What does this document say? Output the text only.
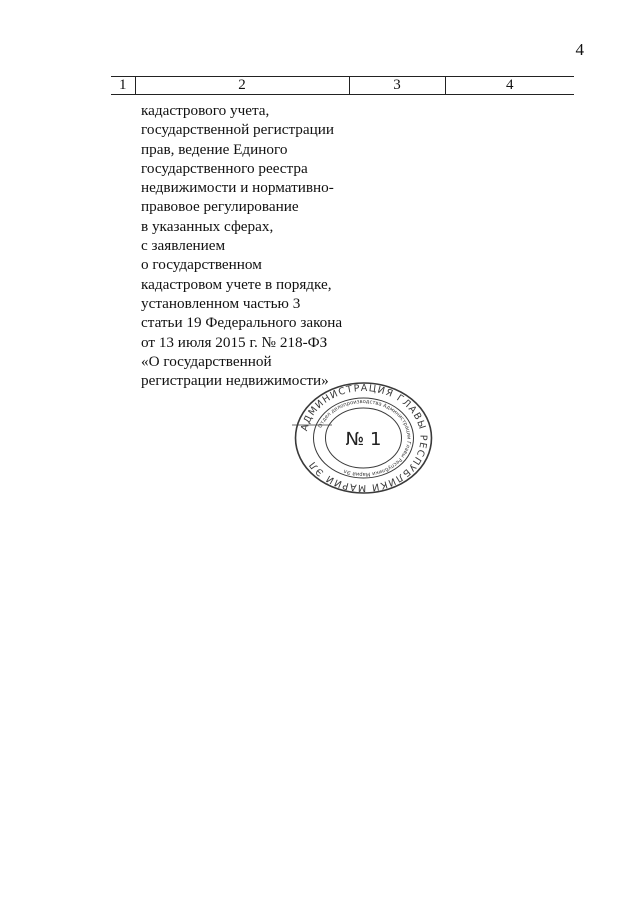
4
1	2	3	4
кадастрового учета,
государственной регистрации
прав, ведение Единого
государственного реестра
недвижимости и нормативно-
правовое регулирование
в указанных сферах,
с заявлением
о государственном
кадастровом учете в порядке,
установленном частью 3
статьи 19 Федерального закона
от 13 июля 2015 г. № 218-ФЗ
«О государственной
регистрации недвижимости»
АДМИНИСТРАЦИЯ ГЛАВЫ РЕСПУБЛИКИ МАРИЙ ЭЛ
Отдел делопроизводства Администрации Главы Республики Марий Эл
№ 1
